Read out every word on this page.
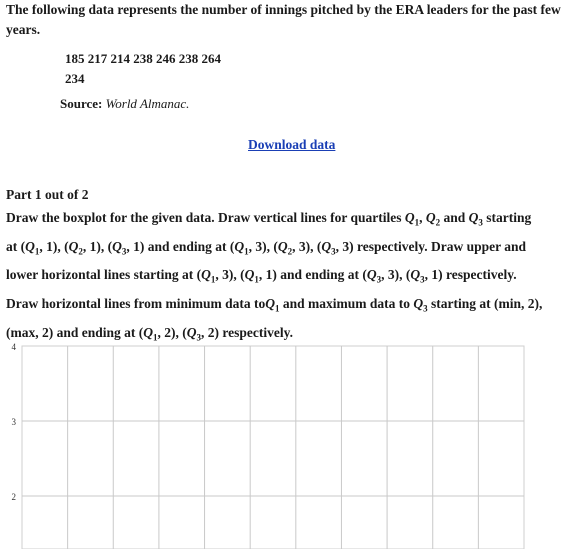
The following data represents the number of innings pitched by the ERA leaders for the past few years.
185 217 214 238 246 238 264
234
Source: World Almanac.
Download data
Part 1 out of 2
Draw the boxplot for the given data. Draw vertical lines for quartiles $Q_1$, $Q_2$ and $Q_3$ starting
at ($Q_1$, 1), ($Q_2$, 1), ($Q_3$, 1) and ending at ($Q_1$, 3), ($Q_2$, 3), ($Q_3$, 3) respectively. Draw upper and
lower horizontal lines starting at ($Q_1$, 3), ($Q_1$, 1) and ending at ($Q_3$, 3), ($Q_3$, 1) respectively.
Draw horizontal lines from minimum data toQ$_1$ and maximum data to $Q_3$ starting at (min, 2),
(max, 2) and ending at ($Q_1$, 2), ($Q_3$, 2) respectively.
4
3
2
